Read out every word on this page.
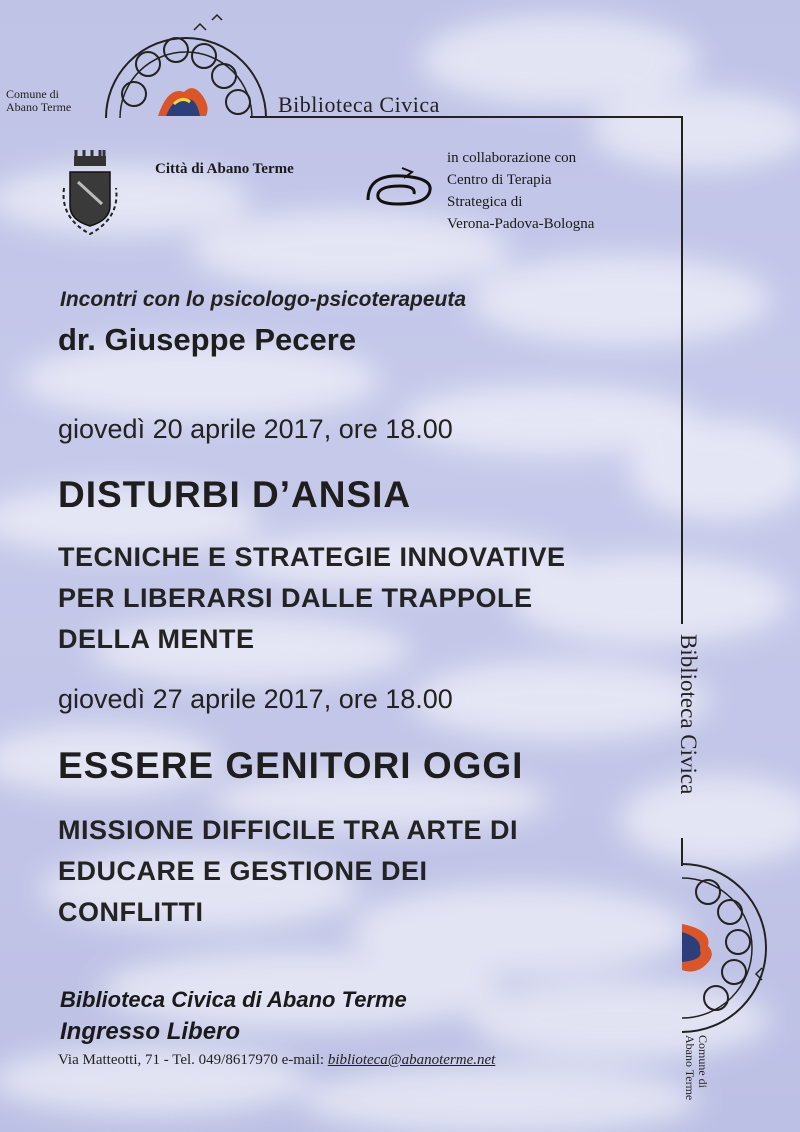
Comune di
Abano Terme	Biblioteca Civica
Città di Abano Terme
in collaborazione con
Centro di Terapia
Strategica di
Verona-Padova-Bologna
Incontri con lo psicologo-psicoterapeuta
dr. Giuseppe Pecere
giovedì 20 aprile 2017, ore 18.00
DISTURBI D’ANSIA
TECNICHE E STRATEGIE INNOVATIVE
PER LIBERARSI DALLE TRAPPOLE
DELLA MENTE
giovedì 27 aprile 2017, ore 18.00
ESSERE GENITORI OGGI
MISSIONE DIFFICILE TRA ARTE DI
EDUCARE E GESTIONE DEI
CONFLITTI
Biblioteca Civica di Abano Terme
Ingresso Libero
Via Matteotti, 71 - Tel. 049/8617970 e-mail: biblioteca@abanoterme.net
Biblioteca Civica
Comune di
Abano Terme
